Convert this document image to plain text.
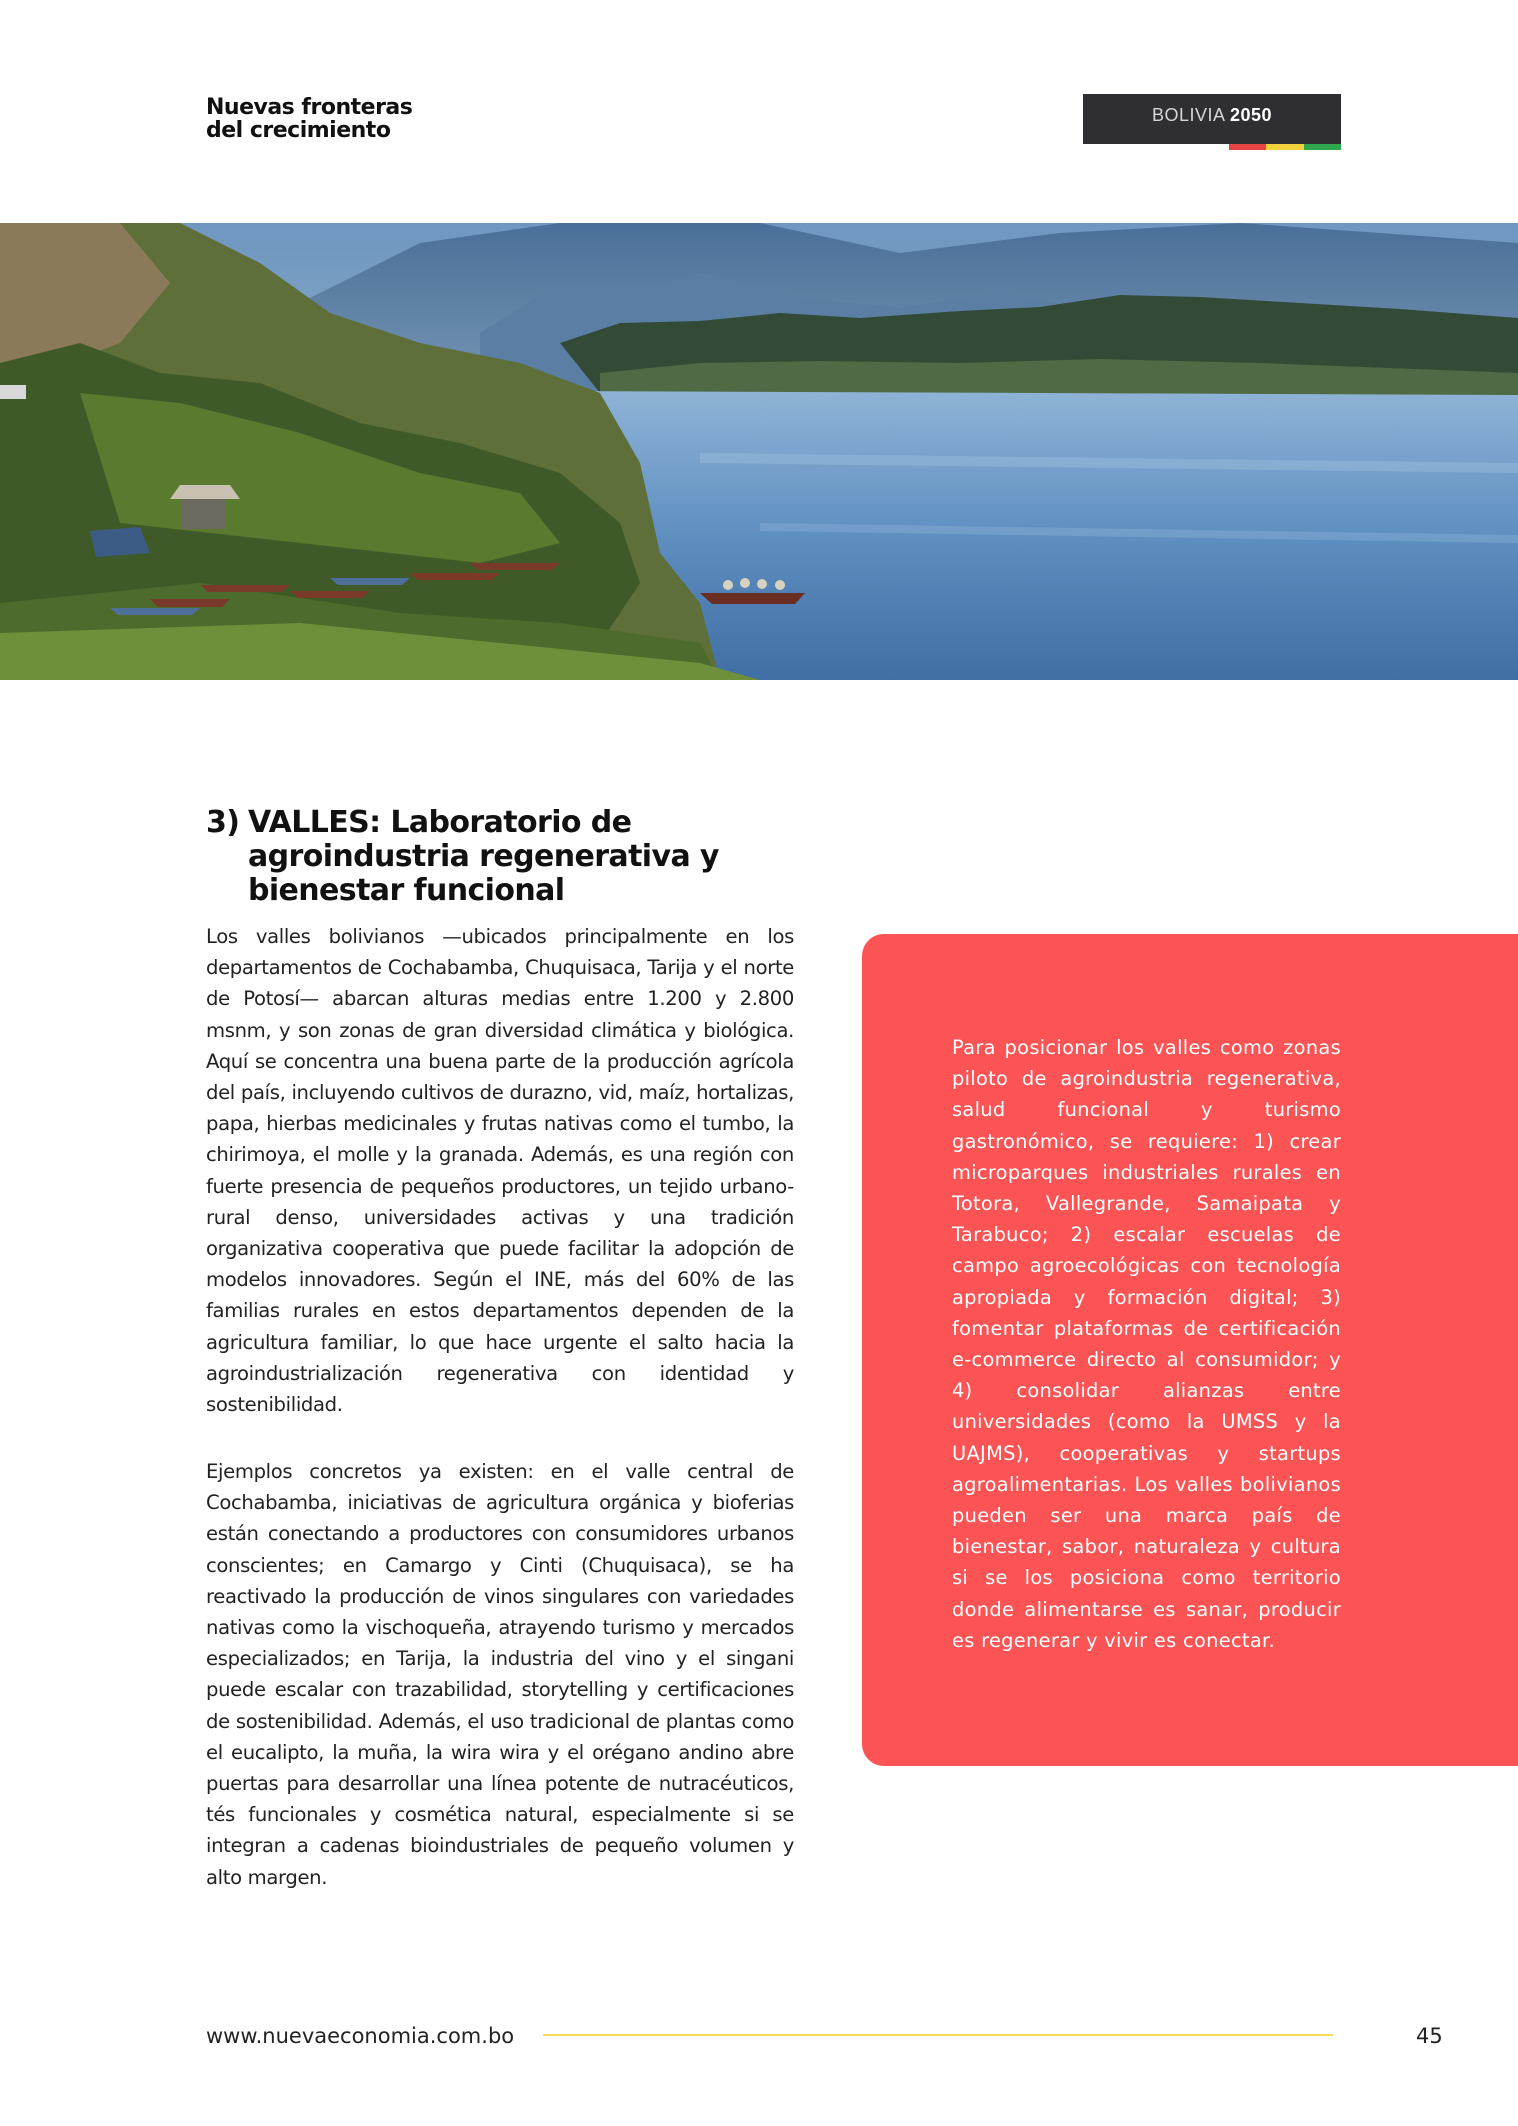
Nuevas fronteras
del crecimiento
BOLIVIA 2050
3) VALLES: Laboratorio de
agroindustria regenerativa y
bienestar funcional

Los valles bolivianos —ubicados principalmente en los departamentos de Cochabamba, Chuquisaca, Tarija y el norte de Potosí— abarcan alturas medias entre 1.200 y 2.800 msnm, y son zonas de gran diversidad climática y biológica. Aquí se concentra una buena parte de la producción agrícola del país, incluyendo cultivos de durazno, vid, maíz, hortalizas, papa, hierbas medicinales y frutas nativas como el tumbo, la chirimoya, el molle y la granada. Además, es una región con fuerte presencia de pequeños productores, un tejido urbano-rural denso, universidades activas y una tradición organizativa cooperativa que puede facilitar la adopción de modelos innovadores. Según el INE, más del 60% de las familias rurales en estos departamentos dependen de la agricultura familiar, lo que hace urgente el salto hacia la agroindustrialización regenerativa con identidad y sostenibilidad.

Ejemplos concretos ya existen: en el valle central de Cochabamba, iniciativas de agricultura orgánica y bioferias están conectando a productores con consumidores urbanos conscientes; en Camargo y Cinti (Chuquisaca), se ha reactivado la producción de vinos singulares con variedades nativas como la vischoqueña, atrayendo turismo y mercados especializados; en Tarija, la industria del vino y el singani puede escalar con trazabilidad, storytelling y certificaciones de sostenibilidad. Además, el uso tradicional de plantas como el eucalipto, la muña, la wira wira y el orégano andino abre puertas para desarrollar una línea potente de nutracéuticos, tés funcionales y cosmética natural, especialmente si se integran a cadenas bioindustriales de pequeño volumen y alto margen.

Para posicionar los valles como zonas piloto de agroindustria regenerativa, salud funcional y turismo gastronómico, se requiere: 1) crear microparques industriales rurales en Totora, Vallegrande, Samaipata y Tarabuco; 2) escalar escuelas de campo agroecológicas con tecnología apropiada y formación digital; 3) fomentar plataformas de certificación e-commerce directo al consumidor; y 4) consolidar alianzas entre universidades (como la UMSS y la UAJMS), cooperativas y startups agroalimentarias. Los valles bolivianos pueden ser una marca país de bienestar, sabor, naturaleza y cultura si se los posiciona como territorio donde alimentarse es sanar, producir es regenerar y vivir es conectar.

www.nuevaeconomia.com.bo	45
